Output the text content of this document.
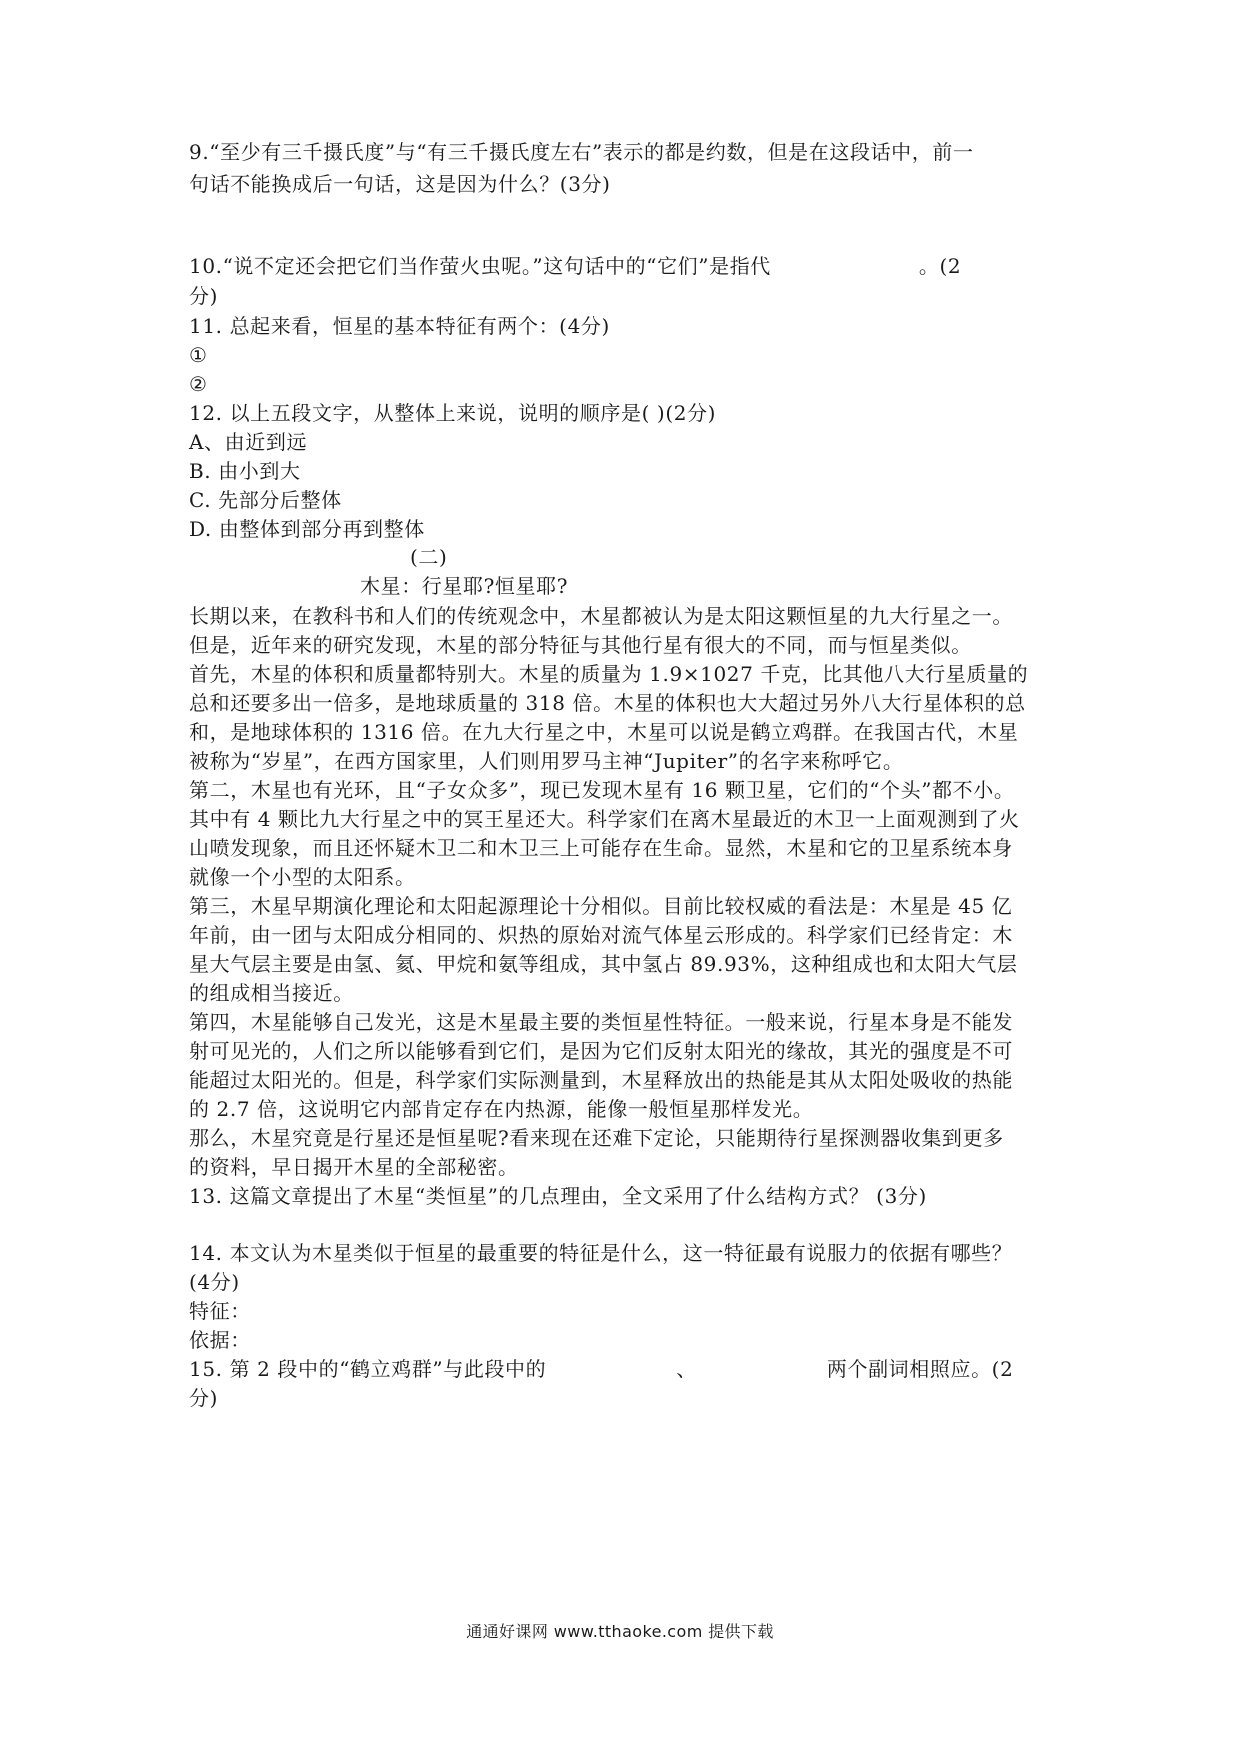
9.“至少有三千摄氏度”与“有三千摄氏度左右”表示的都是约数，但是在这段话中，前一
句话不能换成后一句话，这是因为什么？(3分)
10.“说不定还会把它们当作萤火虫呢。”这句话中的“它们”是指代	。(2
分)
11. 总起来看，恒星的基本特征有两个：(4分)
①
②
12. 以上五段文字，从整体上来说，说明的顺序是( )(2分)
A、由近到远
B. 由小到大
C. 先部分后整体
D. 由整体到部分再到整体
(二)
木星：行星耶?恒星耶?
长期以来，在教科书和人们的传统观念中，木星都被认为是太阳这颗恒星的九大行星之一。
但是，近年来的研究发现，木星的部分特征与其他行星有很大的不同，而与恒星类似。
首先，木星的体积和质量都特别大。木星的质量为 1.9×1027 千克，比其他八大行星质量的
总和还要多出一倍多，是地球质量的 318 倍。木星的体积也大大超过另外八大行星体积的总
和，是地球体积的 1316 倍。在九大行星之中，木星可以说是鹤立鸡群。在我国古代，木星
被称为“岁星”，在西方国家里，人们则用罗马主神“Jupiter”的名字来称呼它。
第二，木星也有光环，且“子女众多”，现已发现木星有 16 颗卫星，它们的“个头”都不小。
其中有 4 颗比九大行星之中的冥王星还大。科学家们在离木星最近的木卫一上面观测到了火
山喷发现象，而且还怀疑木卫二和木卫三上可能存在生命。显然，木星和它的卫星系统本身
就像一个小型的太阳系。
第三，木星早期演化理论和太阳起源理论十分相似。目前比较权威的看法是：木星是 45 亿
年前，由一团与太阳成分相同的、炽热的原始对流气体星云形成的。科学家们已经肯定：木
星大气层主要是由氢、氦、甲烷和氨等组成，其中氢占 89.93%，这种组成也和太阳大气层
的组成相当接近。
第四，木星能够自己发光，这是木星最主要的类恒星性特征。一般来说，行星本身是不能发
射可见光的，人们之所以能够看到它们，是因为它们反射太阳光的缘故，其光的强度是不可
能超过太阳光的。但是，科学家们实际测量到，木星释放出的热能是其从太阳处吸收的热能
的 2.7 倍，这说明它内部肯定存在内热源，能像一般恒星那样发光。
那么，木星究竟是行星还是恒星呢?看来现在还难下定论，只能期待行星探测器收集到更多
的资料，早日揭开木星的全部秘密。
13. 这篇文章提出了木星“类恒星”的几点理由，全文采用了什么结构方式？ (3分)
14. 本文认为木星类似于恒星的最重要的特征是什么，这一特征最有说服力的依据有哪些？
(4分)
特征：
依据：
15. 第 2 段中的“鹤立鸡群”与此段中的	、	两个副词相照应。(2
分)
通通好课网 www.tthaoke.com 提供下载
